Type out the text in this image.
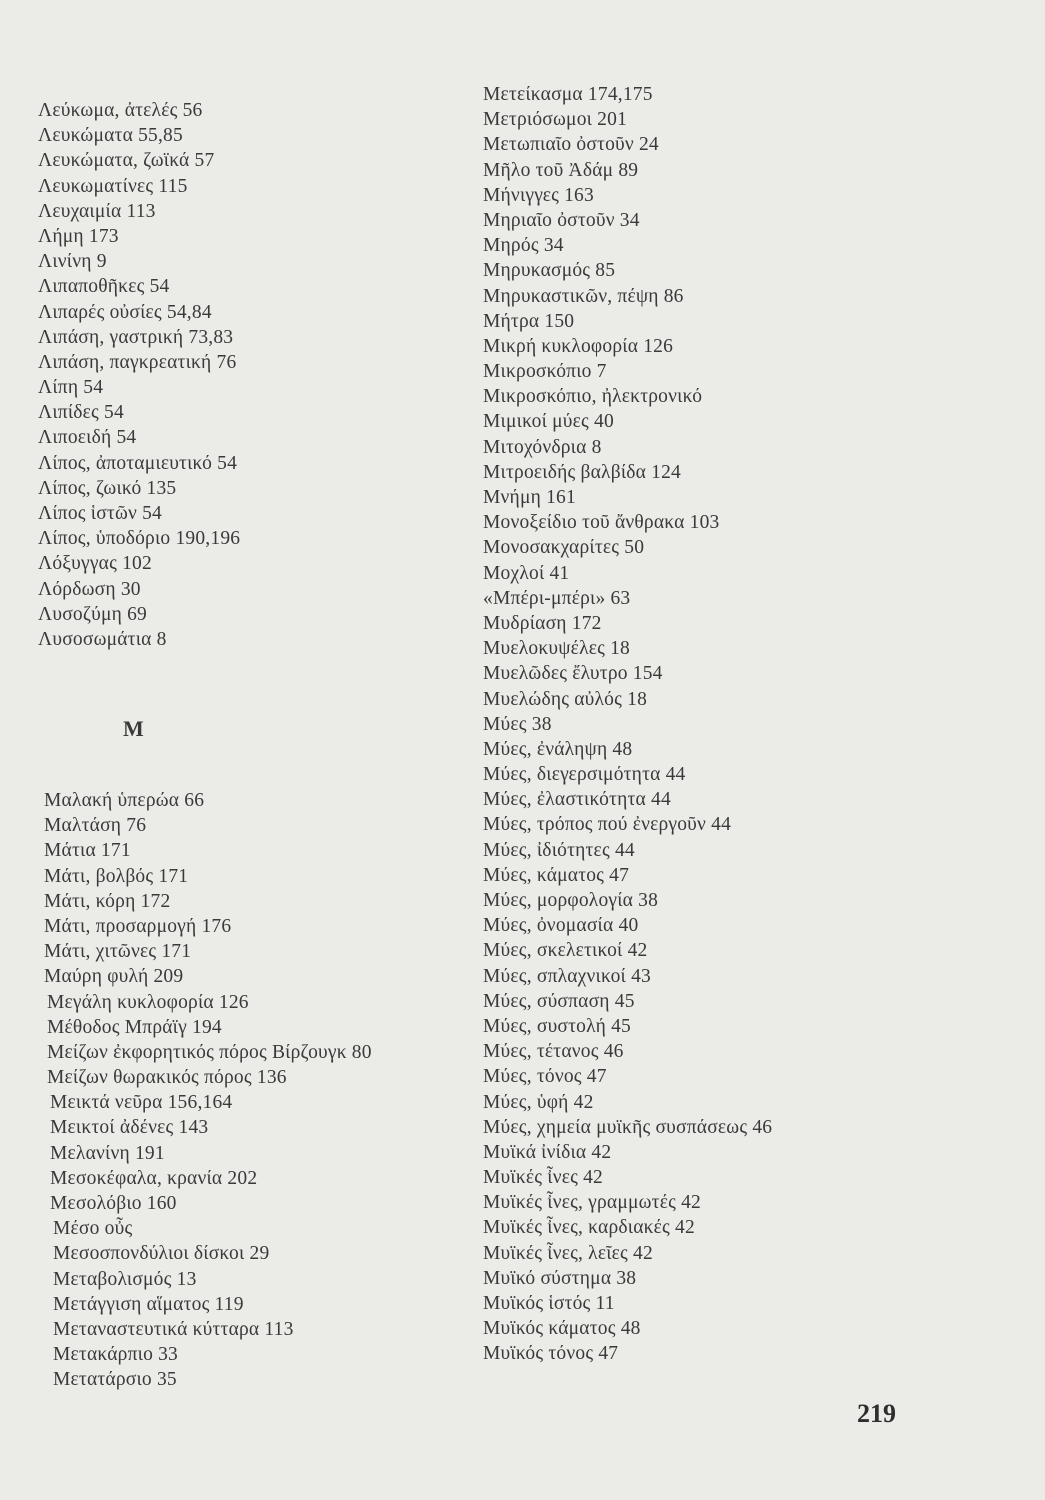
Λεύκωμα, ἀτελές 56
Λευκώματα 55,85
Λευκώματα, ζωϊκά 57
Λευκωματίνες 115
Λευχαιμία 113
Λήμη 173
Λινίνη 9
Λιπαποθῆκες 54
Λιπαρές οὐσίες 54,84
Λιπάση, γαστρική 73,83
Λιπάση, παγκρεατική 76
Λίπη 54
Λιπίδες 54
Λιποειδή 54
Λίπος, ἀποταμιευτικό 54
Λίπος, ζωικό 135
Λίπος ἱστῶν 54
Λίπος, ὑποδόριο 190,196
Λόξυγγας 102
Λόρδωση 30
Λυσοζύμη 69
Λυσοσωμάτια 8
Μ
Μαλακή ὑπερώα 66
Μαλτάση 76
Μάτια 171
Μάτι, βολβός 171
Μάτι, κόρη 172
Μάτι, προσαρμογή 176
Μάτι, χιτῶνες 171
Μαύρη φυλή 209
Μεγάλη κυκλοφορία 126
Μέθοδος Μπράϊγ 194
Μείζων ἐκφορητικός πόρος Βίρζουγκ 80
Μείζων θωρακικός πόρος 136
Μεικτά νεῦρα 156,164
Μεικτοί ἀδένες 143
Μελανίνη 191
Μεσοκέφαλα, κρανία 202
Μεσολόβιο 160
Μέσο οὖς
Μεσοσπονδύλιοι δίσκοι 29
Μεταβολισμός 13
Μετάγγιση αἵματος 119
Μεταναστευτικά κύτταρα 113
Μετακάρπιο 33
Μετατάρσιο 35
Μετείκασμα 174,175
Μετριόσωμοι 201
Μετωπιαῖο ὀστοῦν 24
Μῆλο τοῦ Ἀδάμ 89
Μήνιγγες 163
Μηριαῖο ὀστοῦν 34
Μηρός 34
Μηρυκασμός 85
Μηρυκαστικῶν, πέψη 86
Μήτρα 150
Μικρή κυκλοφορία 126
Μικροσκόπιο 7
Μικροσκόπιο, ἠλεκτρονικό
Μιμικοί μύες 40
Μιτοχόνδρια 8
Μιτροειδής βαλβίδα 124
Μνήμη 161
Μονοξείδιο τοῦ ἄνθρακα 103
Μονοσακχαρίτες 50
Μοχλοί 41
«Μπέρι-μπέρι» 63
Μυδρίαση 172
Μυελοκυψέλες 18
Μυελῶδες ἔλυτρο 154
Μυελώδης αὐλός 18
Μύες 38
Μύες, ἐνάληψη 48
Μύες, διεγερσιμότητα 44
Μύες, ἐλαστικότητα 44
Μύες, τρόπος πού ἐνεργοῦν 44
Μύες, ἰδιότητες 44
Μύες, κάματος 47
Μύες, μορφολογία 38
Μύες, ὀνομασία 40
Μύες, σκελετικοί 42
Μύες, σπλαχνικοί 43
Μύες, σύσπαση 45
Μύες, συστολή 45
Μύες, τέτανος 46
Μύες, τόνος 47
Μύες, ὑφή 42
Μύες, χημεία μυϊκῆς συσπάσεως 46
Μυϊκά ἰνίδια 42
Μυϊκές ἶνες 42
Μυϊκές ἶνες, γραμμωτές 42
Μυϊκές ἶνες, καρδιακές 42
Μυϊκές ἶνες, λεῖες 42
Μυϊκό σύστημα 38
Μυϊκός ἱστός 11
Μυϊκός κάματος 48
Μυϊκός τόνος 47
219
